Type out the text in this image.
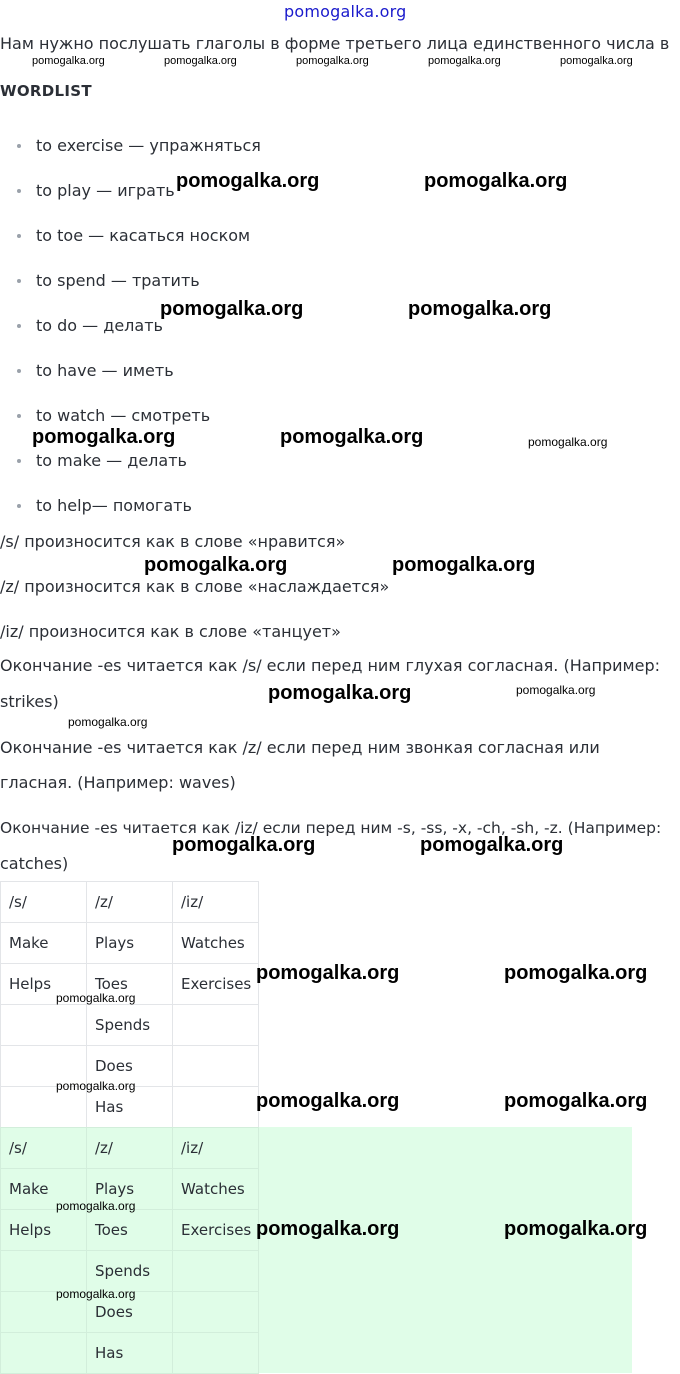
pomogalka.org
Нам нужно послушать глаголы в форме третьего лица единственного числа в
WORDLIST
to exercise — упражняться
to play — играть
to toe — касаться носком
to spend — тратить
to do — делать
to have — иметь
to watch — смотреть
to make — делать
to help— помогать
/s/ произносится как в слове «нравится»
/z/ произносится как в слове «наслаждается»
/iz/ произносится как в слове «танцует»
Окончание -es читается как /s/ если перед ним глухая согласная. (Например:
strikes)
Окончание -es читается как /z/ если перед ним звонкая согласная или
гласная. (Например: waves)
Окончание -es читается как /iz/ если перед ним -s, -ss, -x, -ch, -sh, -z. (Например:
catches)
/s/	/z/	/iz/
Make	Plays	Watches
Helps	Toes	Exercises
	Spends	
	Does	
	Has	
/s/	/z/	/iz/
Make	Plays	Watches
Helps	Toes	Exercises
	Spends	
	Does	
	Has	
pomogalka.org	pomogalka.org	pomogalka.org	pomogalka.org	pomogalka.org
pomogalka.org	pomogalka.org
pomogalka.org	pomogalka.org
pomogalka.org	pomogalka.org	pomogalka.org
pomogalka.org	pomogalka.org
pomogalka.org	pomogalka.org
pomogalka.org
pomogalka.org	pomogalka.org
pomogalka.org	pomogalka.org
pomogalka.org
pomogalka.org
pomogalka.org	pomogalka.org
pomogalka.org
pomogalka.org	pomogalka.org
pomogalka.org
